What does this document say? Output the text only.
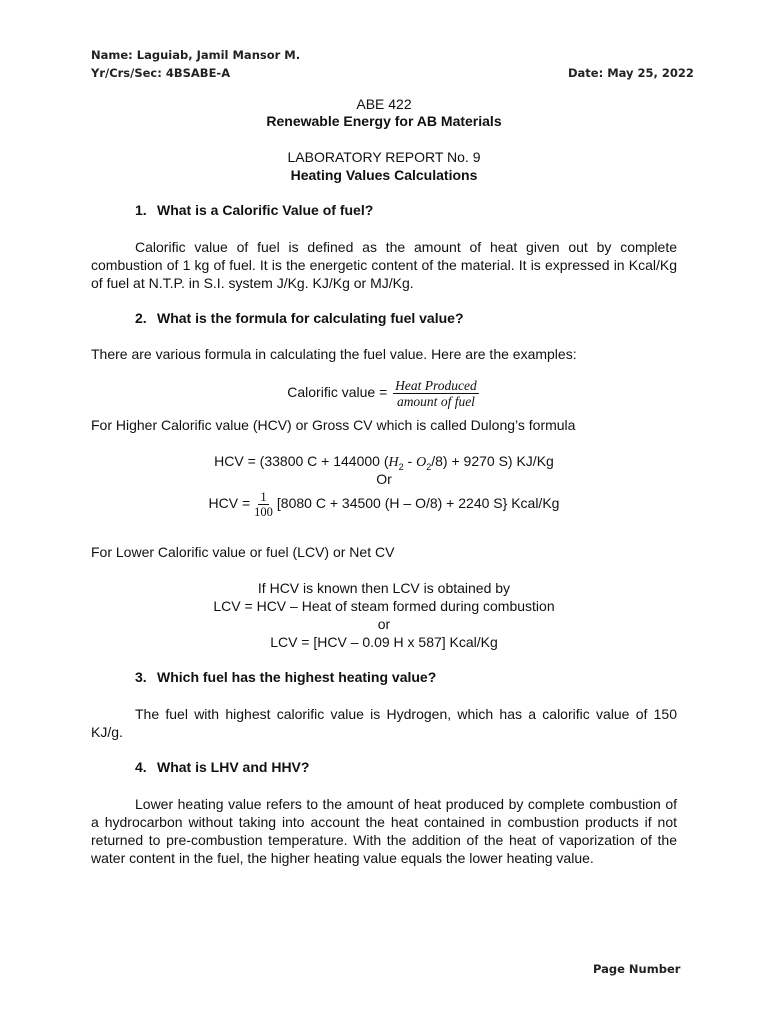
Name: Laguiab, Jamil Mansor M.
Yr/Crs/Sec: 4BSABE-A	Date: May 25, 2022
ABE 422
Renewable Energy for AB Materials
LABORATORY REPORT No. 9
Heating Values Calculations
1. What is a Calorific Value of fuel?
Calorific value of fuel is defined as the amount of heat given out by complete combustion of 1 kg of fuel. It is the energetic content of the material. It is expressed in Kcal/Kg of fuel at N.T.P. in S.I. system J/Kg. KJ/Kg or MJ/Kg.
2. What is the formula for calculating fuel value?
There are various formula in calculating the fuel value. Here are the examples:
Calorific value = $\frac{\text{Heat Produced}}{\text{amount of fuel}}$
For Higher Calorific value (HCV) or Gross CV which is called Dulong’s formula
HCV = (33800 C + 144000 $(H_2 - O_2/8) + 9270$ S) KJ/Kg
Or
HCV = $\frac{1}{100} [8080$ C + 34500 (H – O/8) + 2240 S} Kcal/Kg
For Lower Calorific value or fuel (LCV) or Net CV
If HCV is known then LCV is obtained by
LCV = HCV – Heat of steam formed during combustion
or
LCV = [HCV – 0.09 H x 587] Kcal/Kg
3. Which fuel has the highest heating value?
The fuel with highest calorific value is Hydrogen, which has a calorific value of 150 KJ/g.
4. What is LHV and HHV?
Lower heating value refers to the amount of heat produced by complete combustion of a hydrocarbon without taking into account the heat contained in combustion products if not returned to pre-combustion temperature. With the addition of the heat of vaporization of the water content in the fuel, the higher heating value equals the lower heating value.
Page Number
